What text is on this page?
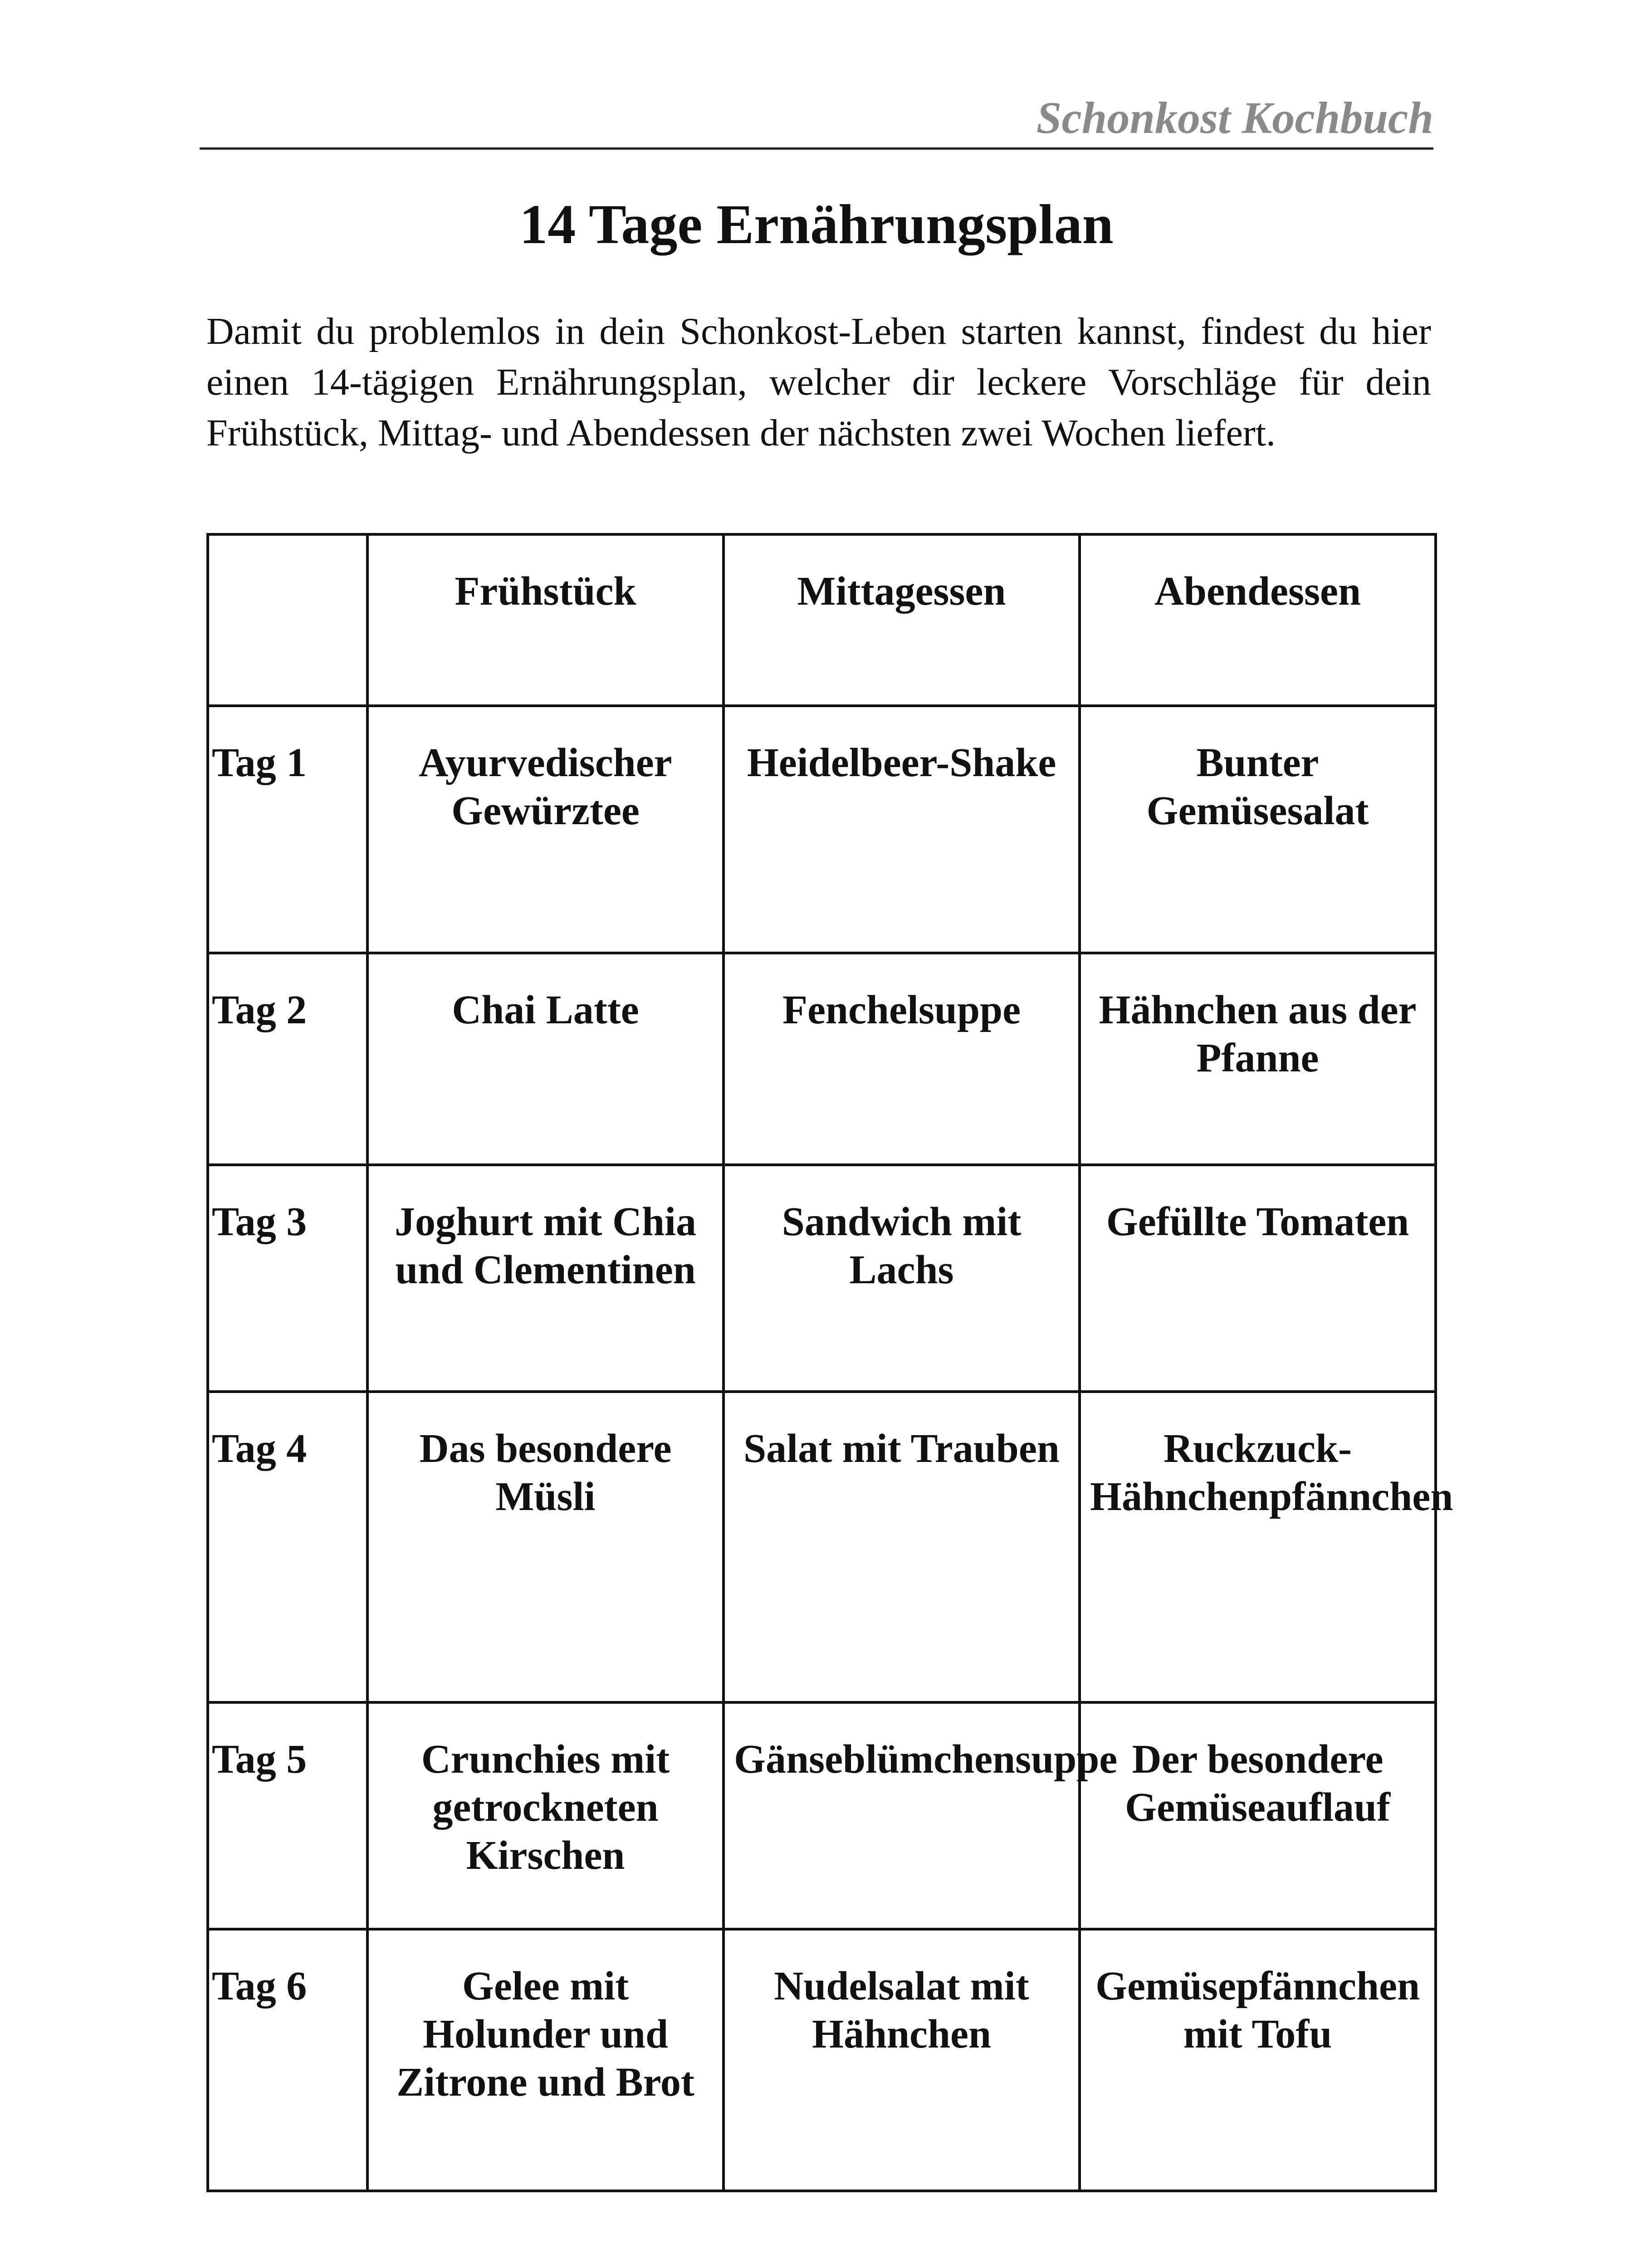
Schonkost Kochbuch
14 Tage Ernährungsplan

Damit du problemlos in dein Schonkost-Leben starten kannst, findest du hier einen 14-tägigen Ernährungsplan, welcher dir leckere Vorschläge für dein Frühstück, Mittag- und Abendessen der nächsten zwei Wochen liefert.

	Frühstück	Mittagessen	Abendessen

Tag 1	Ayurvedischer Gewürztee	Heidelbeer-Shake	Bunter Gemüsesalat

Tag 2	Chai Latte	Fenchelsuppe	Hähnchen aus der Pfanne

Tag 3	Joghurt mit Chia und Clementinen	Sandwich mit Lachs	Gefüllte Tomaten

Tag 4	Das besondere Müsli	Salat mit Trauben	Ruckzuck-Hähnchenpfännchen

Tag 5	Crunchies mit getrockneten Kirschen	Gänseblümchensuppe	Der besondere Gemüseauflauf

Tag 6	Gelee mit Holunder und Zitrone und Brot	Nudelsalat mit Hähnchen	Gemüsepfännchen mit Tofu
